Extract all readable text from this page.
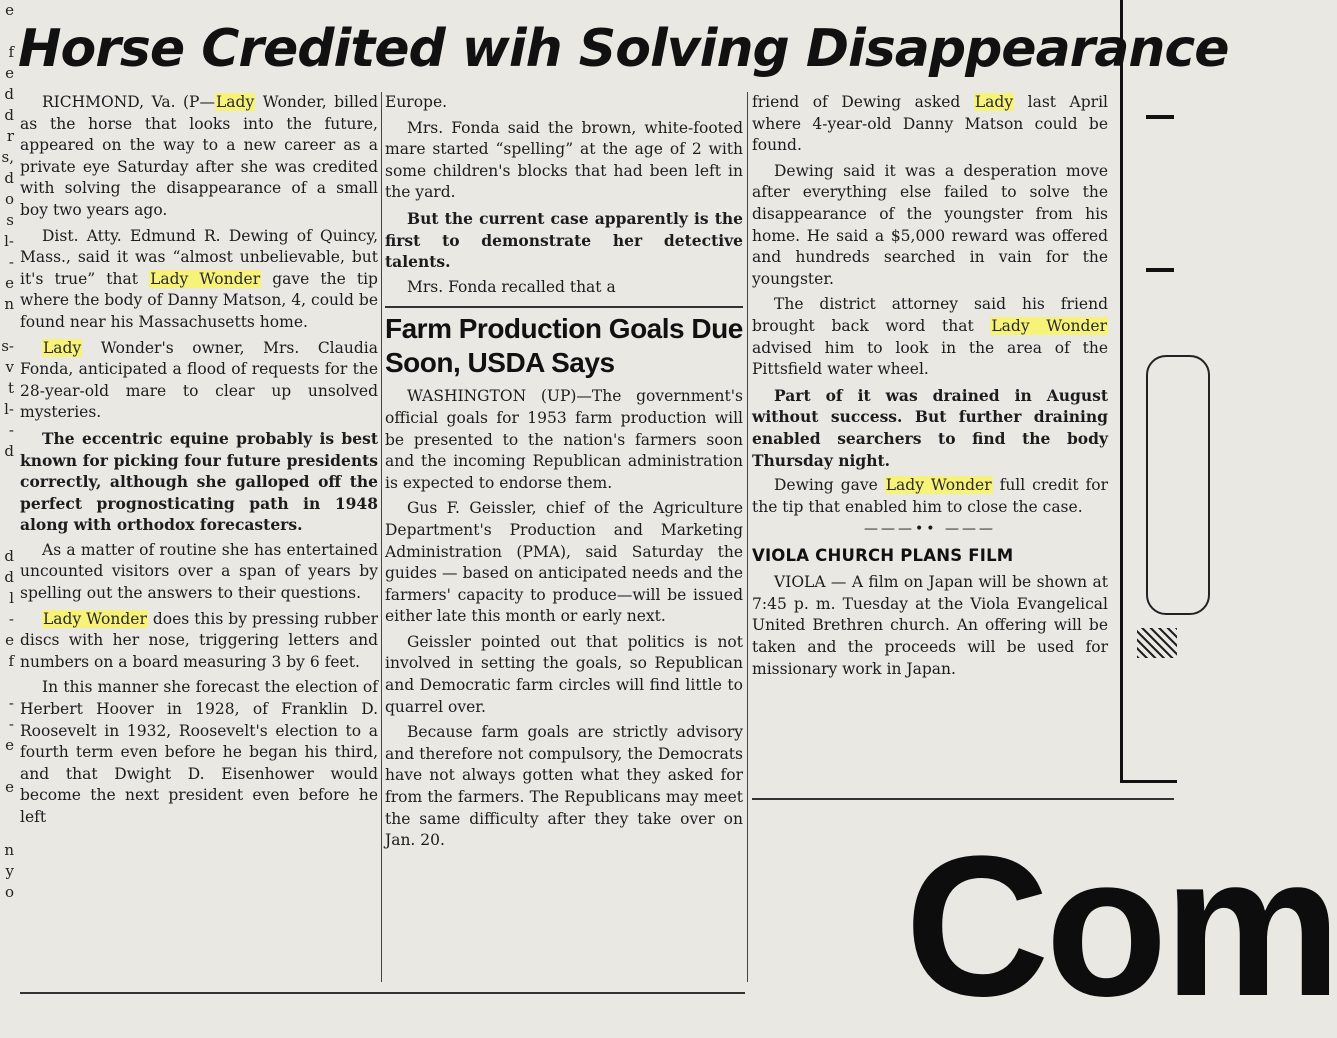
e

f
e
d
d
r
s,
d
o
s
l-
-
e
n

s-
v
t
l-
-
d

d
d
l
-
e
f

-
-
e

e

n
y
o
Horse Credited wih Solving Disappearance

RICHMOND, Va. (P—Lady Wonder, billed as the horse that looks into the future, appeared on the way to a new career as a private eye Saturday after she was credited with solving the disappearance of a small boy two years ago.

Dist. Atty. Edmund R. Dewing of Quincy, Mass., said it was “almost unbelievable, but it's true” that Lady Wonder gave the tip where the body of Danny Matson, 4, could be found near his Massachusetts home.

Lady Wonder's owner, Mrs. Claudia Fonda, anticipated a flood of requests for the 28-year-old mare to clear up unsolved mysteries.

The eccentric equine probably is best known for picking four future presidents correctly, although she galloped off the perfect prognosticating path in 1948 along with orthodox forecasters.

As a matter of routine she has entertained uncounted visitors over a span of years by spelling out the answers to their questions.

Lady Wonder does this by pressing rubber discs with her nose, triggering letters and numbers on a board measuring 3 by 6 feet.

In this manner she forecast the election of Herbert Hoover in 1928, of Franklin D. Roosevelt in 1932, Roosevelt's election to a fourth term even before he began his third, and that Dwight D. Eisenhower would become the next president even before he left

Europe.

Mrs. Fonda said the brown, white-footed mare started “spelling” at the age of 2 with some children's blocks that had been left in the yard.

But the current case apparently is the first to demonstrate her detective talents.

Mrs. Fonda recalled that a

Farm Production Goals Due Soon, USDA Says

WASHINGTON (UP)—The government's official goals for 1953 farm production will be presented to the nation's farmers soon and the incoming Republican administration is expected to endorse them.

Gus F. Geissler, chief of the Agriculture Department's Production and Marketing Administration (PMA), said Saturday the guides — based on anticipated needs and the farmers' capacity to produce—will be issued either late this month or early next.

Geissler pointed out that politics is not involved in setting the goals, so Republican and Democratic farm circles will find little to quarrel over.

Because farm goals are strictly advisory and therefore not compulsory, the Democrats have not always gotten what they asked for from the farmers. The Republicans may meet the same difficulty after they take over on Jan. 20.

friend of Dewing asked Lady last April where 4-year-old Danny Matson could be found.

Dewing said it was a desperation move after everything else failed to solve the disappearance of the youngster from his home. He said a $5,000 reward was offered and hundreds searched in vain for the youngster.

The district attorney said his friend brought back word that Lady Wonder advised him to look in the area of the Pittsfield water wheel.

Part of it was drained in August without success. But further draining enabled searchers to find the body Thursday night.

Dewing gave Lady Wonder full credit for the tip that enabled him to close the case.

———•• ———
VIOLA CHURCH PLANS FILM

VIOLA — A film on Japan will be shown at 7:45 p. m. Tuesday at the Viola Evangelical United Brethren church. An offering will be taken and the proceeds will be used for missionary work in Japan.

Com
